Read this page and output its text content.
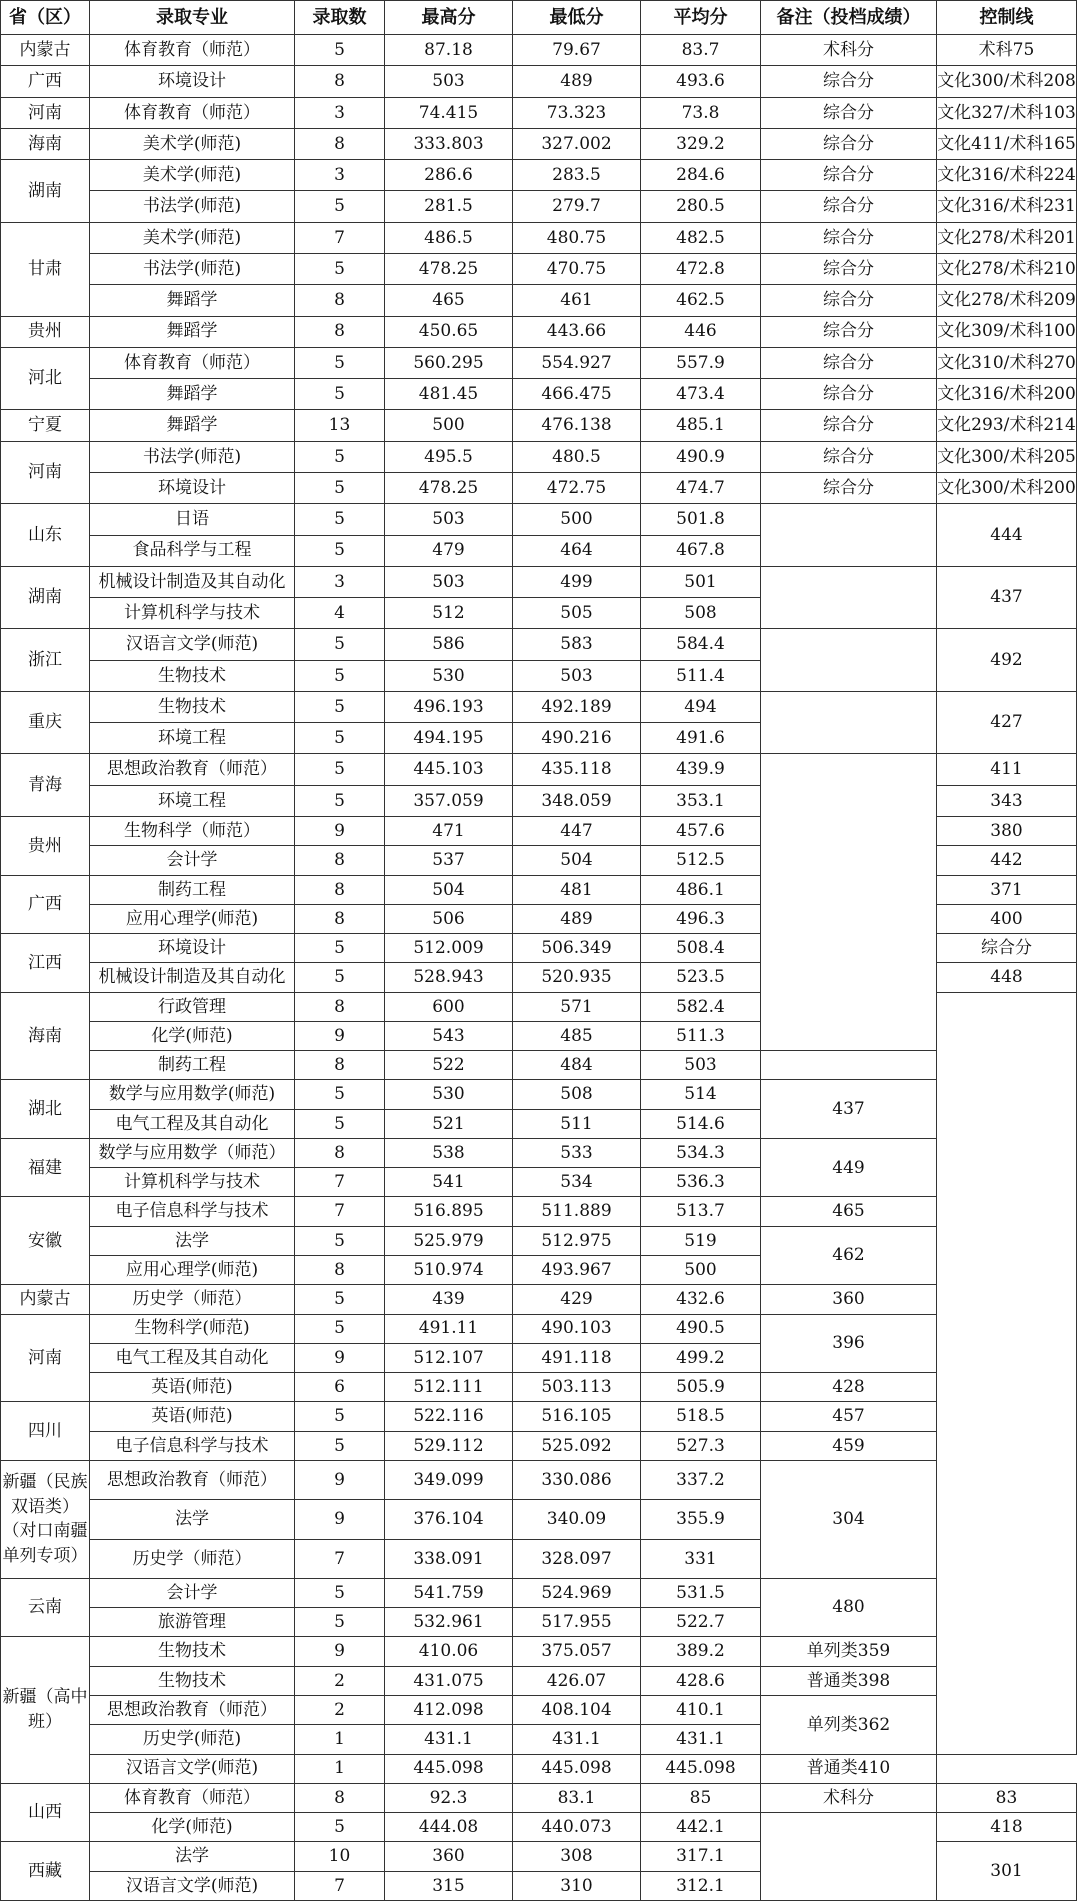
省（区）	录取专业	录取数	最高分	最低分	平均分	备注（投档成绩）	控制线	
内蒙古	体育教育（师范）	5	87.18	79.67	83.7	术科分	术科75	
广西	环境设计	8	503	489	493.6	综合分	文化300/术科208	
河南	体育教育（师范）	3	74.415	73.323	73.8	综合分	文化327/术科103	
海南	美术学(师范)	8	333.803	327.002	329.2	综合分	文化411/术科165	
湖南	美术学(师范)	3	286.6	283.5	284.6	综合分	文化316/术科224	
	书法学(师范)	5	281.5	279.7	280.5	综合分	文化316/术科231	
甘肃	美术学(师范)	7	486.5	480.75	482.5	综合分	文化278/术科201	
	书法学(师范)	5	478.25	470.75	472.8	综合分	文化278/术科210	
	舞蹈学	8	465	461	462.5	综合分	文化278/术科209	
贵州	舞蹈学	8	450.65	443.66	446	综合分	文化309/术科100	
河北	体育教育（师范）	5	560.295	554.927	557.9	综合分	文化310/术科270	
	舞蹈学	5	481.45	466.475	473.4	综合分	文化316/术科200	
宁夏	舞蹈学	13	500	476.138	485.1	综合分	文化293/术科214	
河南	书法学(师范)	5	495.5	480.5	490.9	综合分	文化300/术科205	
	环境设计	5	478.25	472.75	474.7	综合分	文化300/术科200	
山东	日语	5	503	500	501.8		444	
	食品科学与工程	5	479	464	467.8			
湖南	机械设计制造及其自动化	3	503	499	501		437	
	计算机科学与技术	4	512	505	508			
浙江	汉语言文学(师范)	5	586	583	584.4		492	
	生物技术	5	530	503	511.4			
重庆	生物技术	5	496.193	492.189	494		427	
	环境工程	5	494.195	490.216	491.6			
青海	思想政治教育（师范）	5	445.103	435.118	439.9		411	
	环境工程	5	357.059	348.059	353.1		343	
贵州	生物科学（师范）	9	471	447	457.6		380	
	会计学	8	537	504	512.5		442	
广西	制药工程	8	504	481	486.1		371	
	应用心理学(师范)	8	506	489	496.3		400	
江西	环境设计	5	512.009	506.349	508.4		综合分	
	机械设计制造及其自动化	5	528.943	520.935	523.5		448	
海南	行政管理	8	600	571	582.4		
	化学(师范)	9	543	485	511.3			
	制药工程	8	522	484	503			
湖北	数学与应用数学(师范)	5	530	508	514	437		
	电气工程及其自动化	5	521	511	514.6			
福建	数学与应用数学（师范）	8	538	533	534.3	449		
	计算机科学与技术	7	541	534	536.3			
安徽	电子信息科学与技术	7	516.895	511.889	513.7	465		
	法学	5	525.979	512.975	519	462		
	应用心理学(师范)	8	510.974	493.967	500			
内蒙古	历史学（师范）	5	439	429	432.6	360		
河南	生物科学(师范)	5	491.11	490.103	490.5	396		
	电气工程及其自动化	9	512.107	491.118	499.2			
	英语(师范)	6	512.111	503.113	505.9	428		
四川	英语(师范)	5	522.116	516.105	518.5	457		
	电子信息科学与技术	5	529.112	525.092	527.3	459		
新疆（民族双语类）（对口南疆单列专项）	思想政治教育（师范）	9	349.099	330.086	337.2	304		
	法学	9	376.104	340.09	355.9			
	历史学（师范）	7	338.091	328.097	331			
云南	会计学	5	541.759	524.969	531.5	480		
	旅游管理	5	532.961	517.955	522.7			
新疆（高中班）	生物技术	9	410.06	375.057	389.2	单列类359		
	生物技术	2	431.075	426.07	428.6	普通类398		
	思想政治教育（师范）	2	412.098	408.104	410.1	单列类362		
	历史学(师范)	1	431.1	431.1	431.1			
	汉语言文学(师范)	1	445.098	445.098	445.098	普通类410		
山西	体育教育（师范）	8	92.3	83.1	85	术科分	83	
	化学(师范)	5	444.08	440.073	442.1		418	
西藏	法学	10	360	308	317.1		301	
	汉语言文学(师范)	7	315	310	312.1			
